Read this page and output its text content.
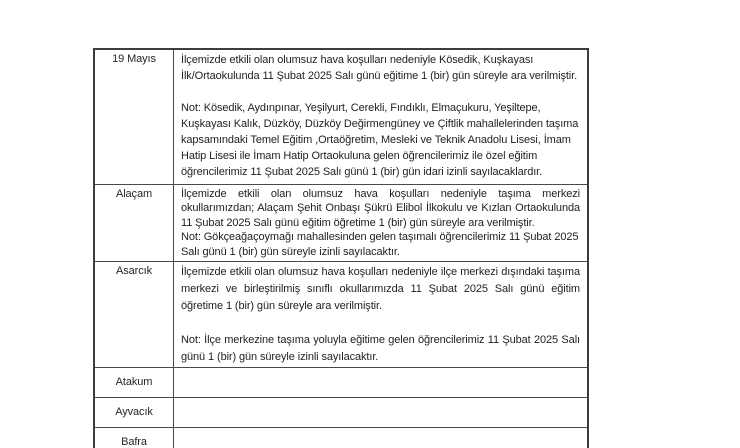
19 Mayıs	İlçemizde etkili olan olumsuz hava koşulları nedeniyle Kösedik, Kuşkayası İlk/Ortaokulunda 11 Şubat 2025 Salı günü eğitime 1 (bir) gün süreyle ara verilmiştir.

Not: Kösedik, Aydınpınar, Yeşilyurt, Cerekli, Fındıklı, Elmaçukuru, Yeşiltepe, Kuşkayası Kalık, Düzköy, Düzköy Değirmengüney ve Çiftlik mahallelerinden taşıma kapsamındaki Temel Eğitim ,Ortaöğretim, Mesleki ve Teknik Anadolu Lisesi, İmam Hatip Lisesi ile İmam Hatip Ortaokuluna gelen öğrencilerimiz ile özel eğitim öğrencilerimiz 11 Şubat 2025 Salı günü 1 (bir) gün idari izinli sayılacaklardır.

Alaçam	İlçemizde etkili olan olumsuz hava koşulları nedeniyle taşıma merkezi okullarımızdan; Alaçam Şehit Onbaşı Şükrü Elibol İlkokulu ve Kızlan Ortaokulunda 11 Şubat 2025 Salı günü eğitim öğretime 1 (bir) gün süreyle ara verilmiştir.

Not: Gökçeağaçoymağı mahallesinden gelen taşımalı öğrencilerimiz 11 Şubat 2025 Salı günü 1 (bir) gün süreyle izinli sayılacaktır.

Asarcık	İlçemizde etkili olan olumsuz hava koşulları nedeniyle ilçe merkezi dışındaki taşıma merkezi ve birleştirilmiş sınıflı okullarımızda 11 Şubat 2025 Salı günü eğitim öğretime 1 (bir) gün süreyle ara verilmiştir.

Not: İlçe merkezine taşıma yoluyla eğitime gelen öğrencilerimiz 11 Şubat 2025 Salı günü 1 (bir) gün süreyle izinli sayılacaktır.

Atakum	
Ayvacık	
Bafra	
